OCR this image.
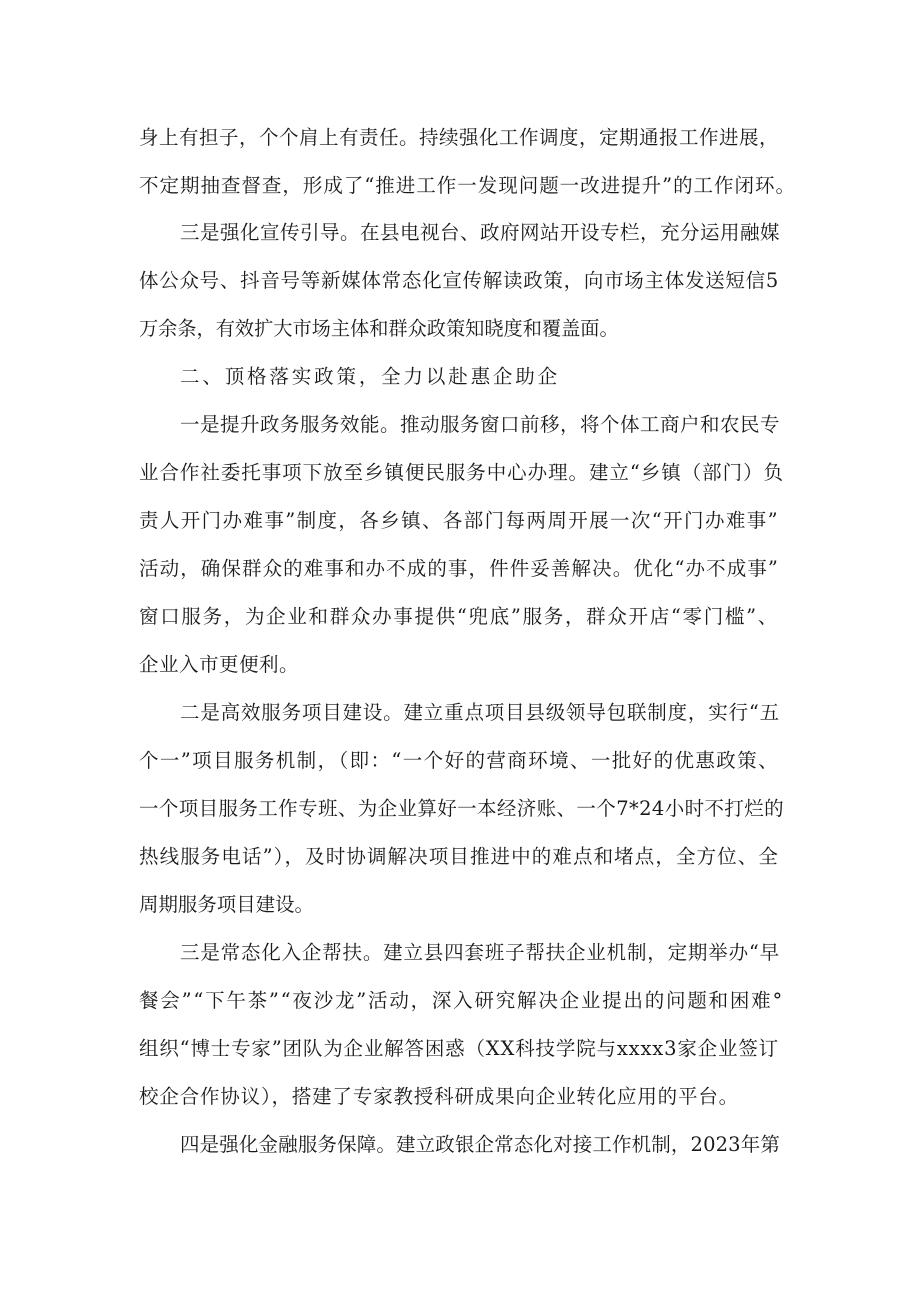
身上有担子，个个肩上有责任。持续强化工作调度，定期通报工作进展，
不定期抽查督查，形成了“推进工作一发现问题一改进提升”的工作闭环。
三是强化宣传引导。在县电视台、政府网站开设专栏，充分运用融媒
体公众号、抖音号等新媒体常态化宣传解读政策，向市场主体发送短信5
万余条，有效扩大市场主体和群众政策知晓度和覆盖面。
二、顶格落实政策，全力以赴惠企助企
一是提升政务服务效能。推动服务窗口前移，将个体工商户和农民专
业合作社委托事项下放至乡镇便民服务中心办理。建立“乡镇（部门）负
责人开门办难事”制度，各乡镇、各部门每两周开展一次“开门办难事”
活动，确保群众的难事和办不成的事，件件妥善解决。优化“办不成事”
窗口服务，为企业和群众办事提供“兜底”服务，群众开店“零门槛”、
企业入市更便利。
二是高效服务项目建设。建立重点项目县级领导包联制度，实行“五
个一”项目服务机制，（即：“一个好的营商环境、一批好的优惠政策、
一个项目服务工作专班、为企业算好一本经济账、一个7*24小时不打烂的
热线服务电话”），及时协调解决项目推进中的难点和堵点，全方位、全
周期服务项目建设。
三是常态化入企帮扶。建立县四套班子帮扶企业机制，定期举办“早
餐会”“下午茶”“夜沙龙”活动，深入研究解决企业提出的问题和困难°
组织“博士专家”团队为企业解答困惑（XX科技学院与xxxx3家企业签订
校企合作协议），搭建了专家教授科研成果向企业转化应用的平台。
四是强化金融服务保障。建立政银企常态化对接工作机制，2023年第
